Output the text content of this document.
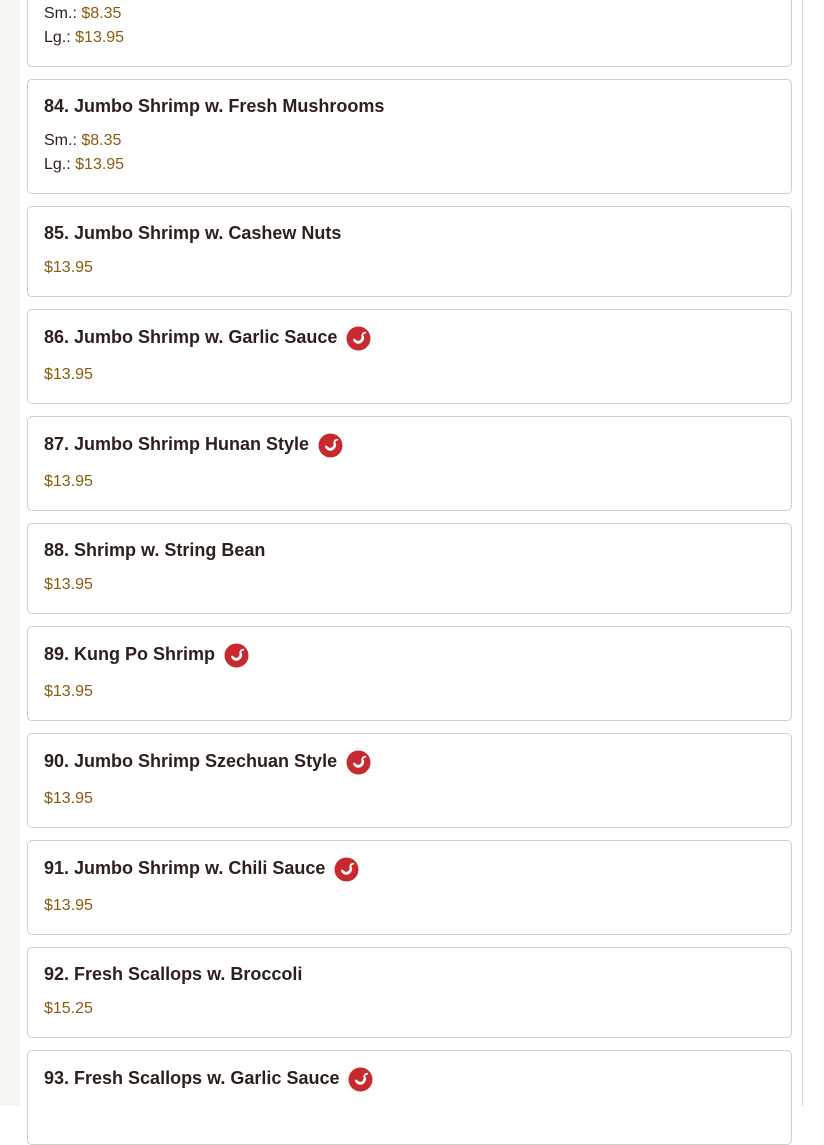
Sm.: $8.35
Lg.: $13.95
84. Jumbo Shrimp w. Fresh Mushrooms
Sm.: $8.35
Lg.: $13.95
85. Jumbo Shrimp w. Cashew Nuts
$13.95
86. Jumbo Shrimp w. Garlic Sauce
$13.95
87. Jumbo Shrimp Hunan Style
$13.95
88. Shrimp w. String Bean
$13.95
89. Kung Po Shrimp
$13.95
90. Jumbo Shrimp Szechuan Style
$13.95
91. Jumbo Shrimp w. Chili Sauce
$13.95
92. Fresh Scallops w. Broccoli
$15.25
93. Fresh Scallops w. Garlic Sauce
